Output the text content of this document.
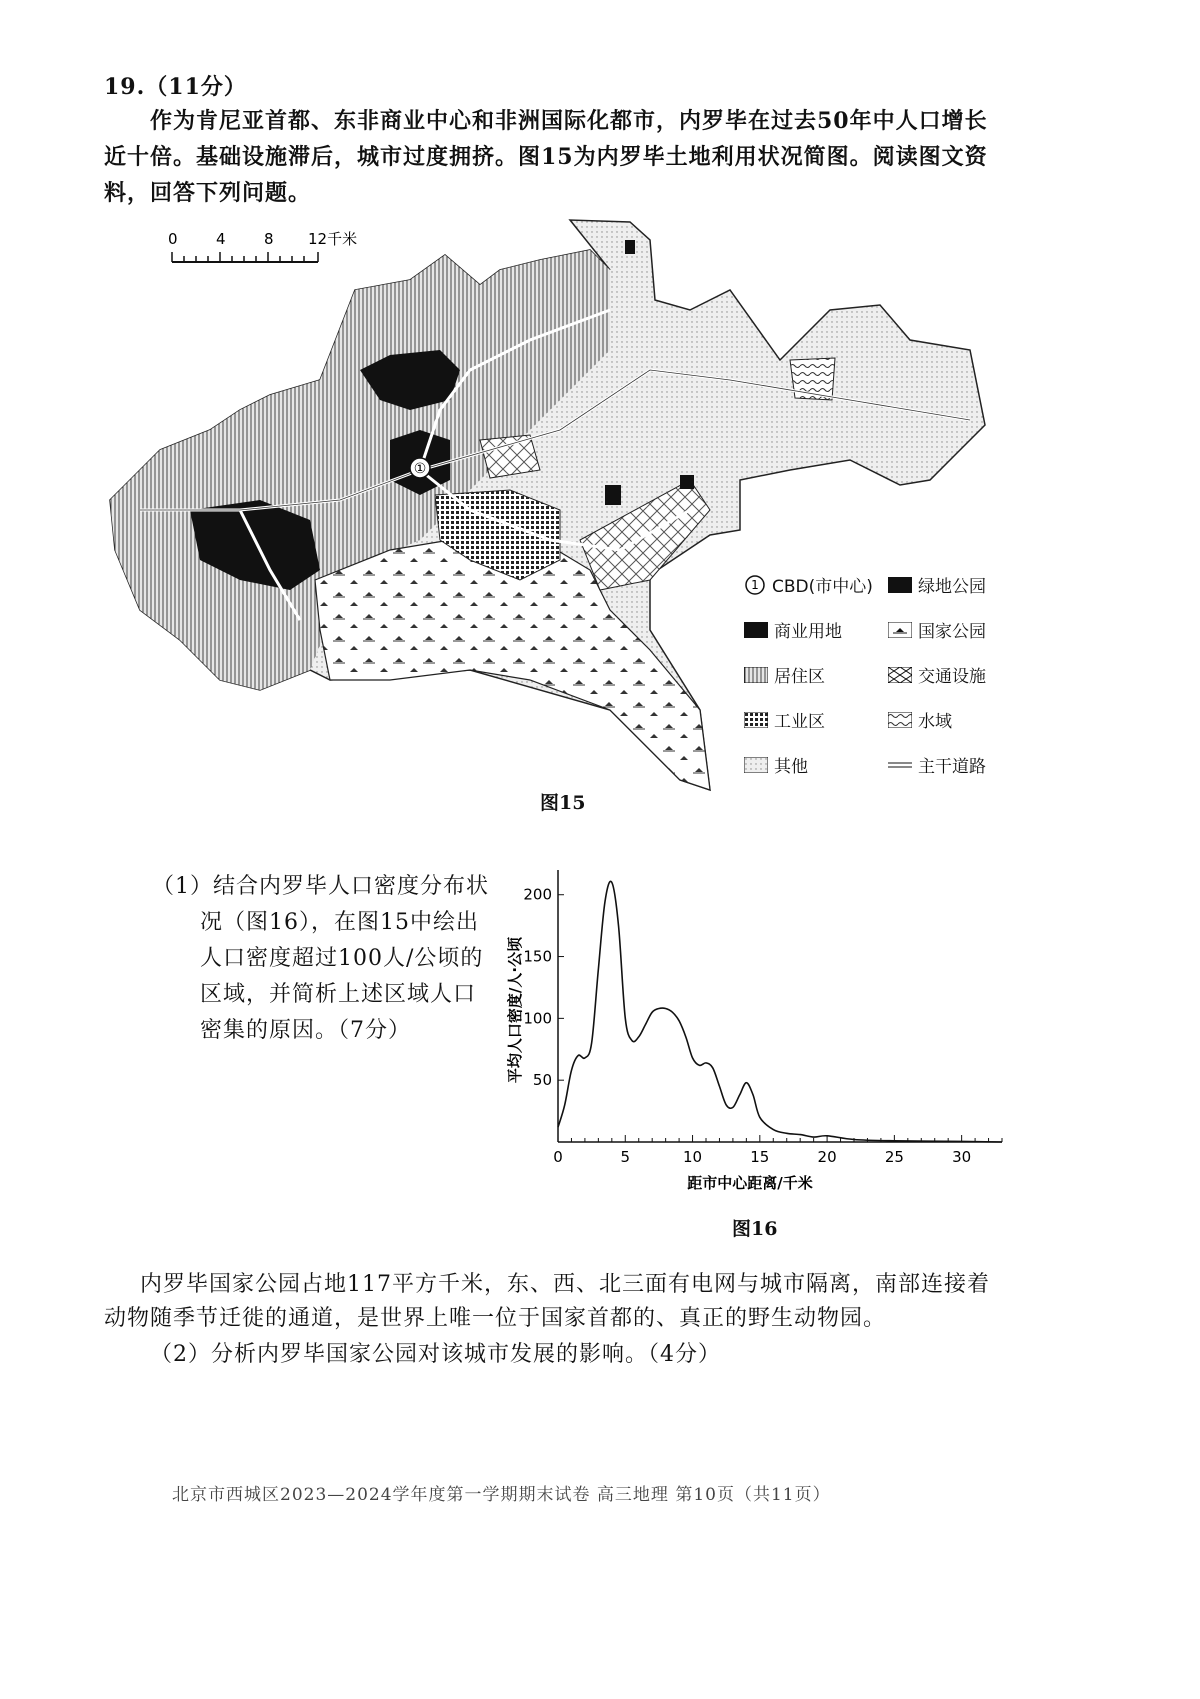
19.（11分）
作为肯尼亚首都、东非商业中心和非洲国际化都市，内罗毕在过去50年中人口增长
近十倍。基础设施滞后，城市过度拥挤。图15为内罗毕土地利用状况简图。阅读图文资
料，回答下列问题。
0	4	8 12千米
①
1 CBD(市中心)	绿地公园
商业用地	国家公园
居住区	交通设施
工业区	水域
其他	主干道路
图15
（1）结合内罗毕人口密度分布状
况（图16），在图15中绘出
人口密度超过100人/公顷的
区域，并简析上述区域人口
密集的原因。（7分）
0	5	10	15	20	25	30
50
100
150
200
距市中心距离/千米
平均人口密度/人·公顷
图16
内罗毕国家公园占地117平方千米，东、西、北三面有电网与城市隔离，南部连接着
动物随季节迁徙的通道，是世界上唯一位于国家首都的、真正的野生动物园。
（2）分析内罗毕国家公园对该城市发展的影响。（4分）
北京市西城区2023—2024学年度第一学期期末试卷 高三地理 第10页（共11页）
